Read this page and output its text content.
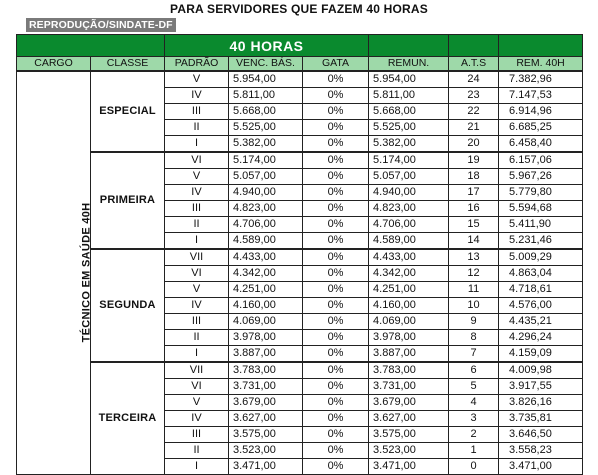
PARA SERVIDORES QUE FAZEM 40 HORAS
REPRODUÇÃO/SINDATE-DF
		40 HORAS					
CARGO	CLASSE	PADRÃO	VENC. BÁS.	GATA	REMUN.	A.T.S	REM. 40H
TÉCNICO EM SAÚDE 40H	ESPECIAL	V	5.954,00	0%	5.954,00	24	7.382,96
		IV	5.811,00	0%	5.811,00	23	7.147,53
		III	5.668,00	0%	5.668,00	22	6.914,96
		II	5.525,00	0%	5.525,00	21	6.685,25
		I	5.382,00	0%	5.382,00	20	6.458,40
	PRIMEIRA	VI	5.174,00	0%	5.174,00	19	6.157,06
		V	5.057,00	0%	5.057,00	18	5.967,26
		IV	4.940,00	0%	4.940,00	17	5.779,80
		III	4.823,00	0%	4.823,00	16	5.594,68
		II	4.706,00	0%	4.706,00	15	5.411,90
		I	4.589,00	0%	4.589,00	14	5.231,46
	SEGUNDA	VII	4.433,00	0%	4.433,00	13	5.009,29
		VI	4.342,00	0%	4.342,00	12	4.863,04
		V	4.251,00	0%	4.251,00	11	4.718,61
		IV	4.160,00	0%	4.160,00	10	4.576,00
		III	4.069,00	0%	4.069,00	9	4.435,21
		II	3.978,00	0%	3.978,00	8	4.296,24
		I	3.887,00	0%	3.887,00	7	4.159,09
	TERCEIRA	VII	3.783,00	0%	3.783,00	6	4.009,98
		VI	3.731,00	0%	3.731,00	5	3.917,55
		V	3.679,00	0%	3.679,00	4	3.826,16
		IV	3.627,00	0%	3.627,00	3	3.735,81
		III	3.575,00	0%	3.575,00	2	3.646,50
		II	3.523,00	0%	3.523,00	1	3.558,23
		I	3.471,00	0%	3.471,00	0	3.471,00
